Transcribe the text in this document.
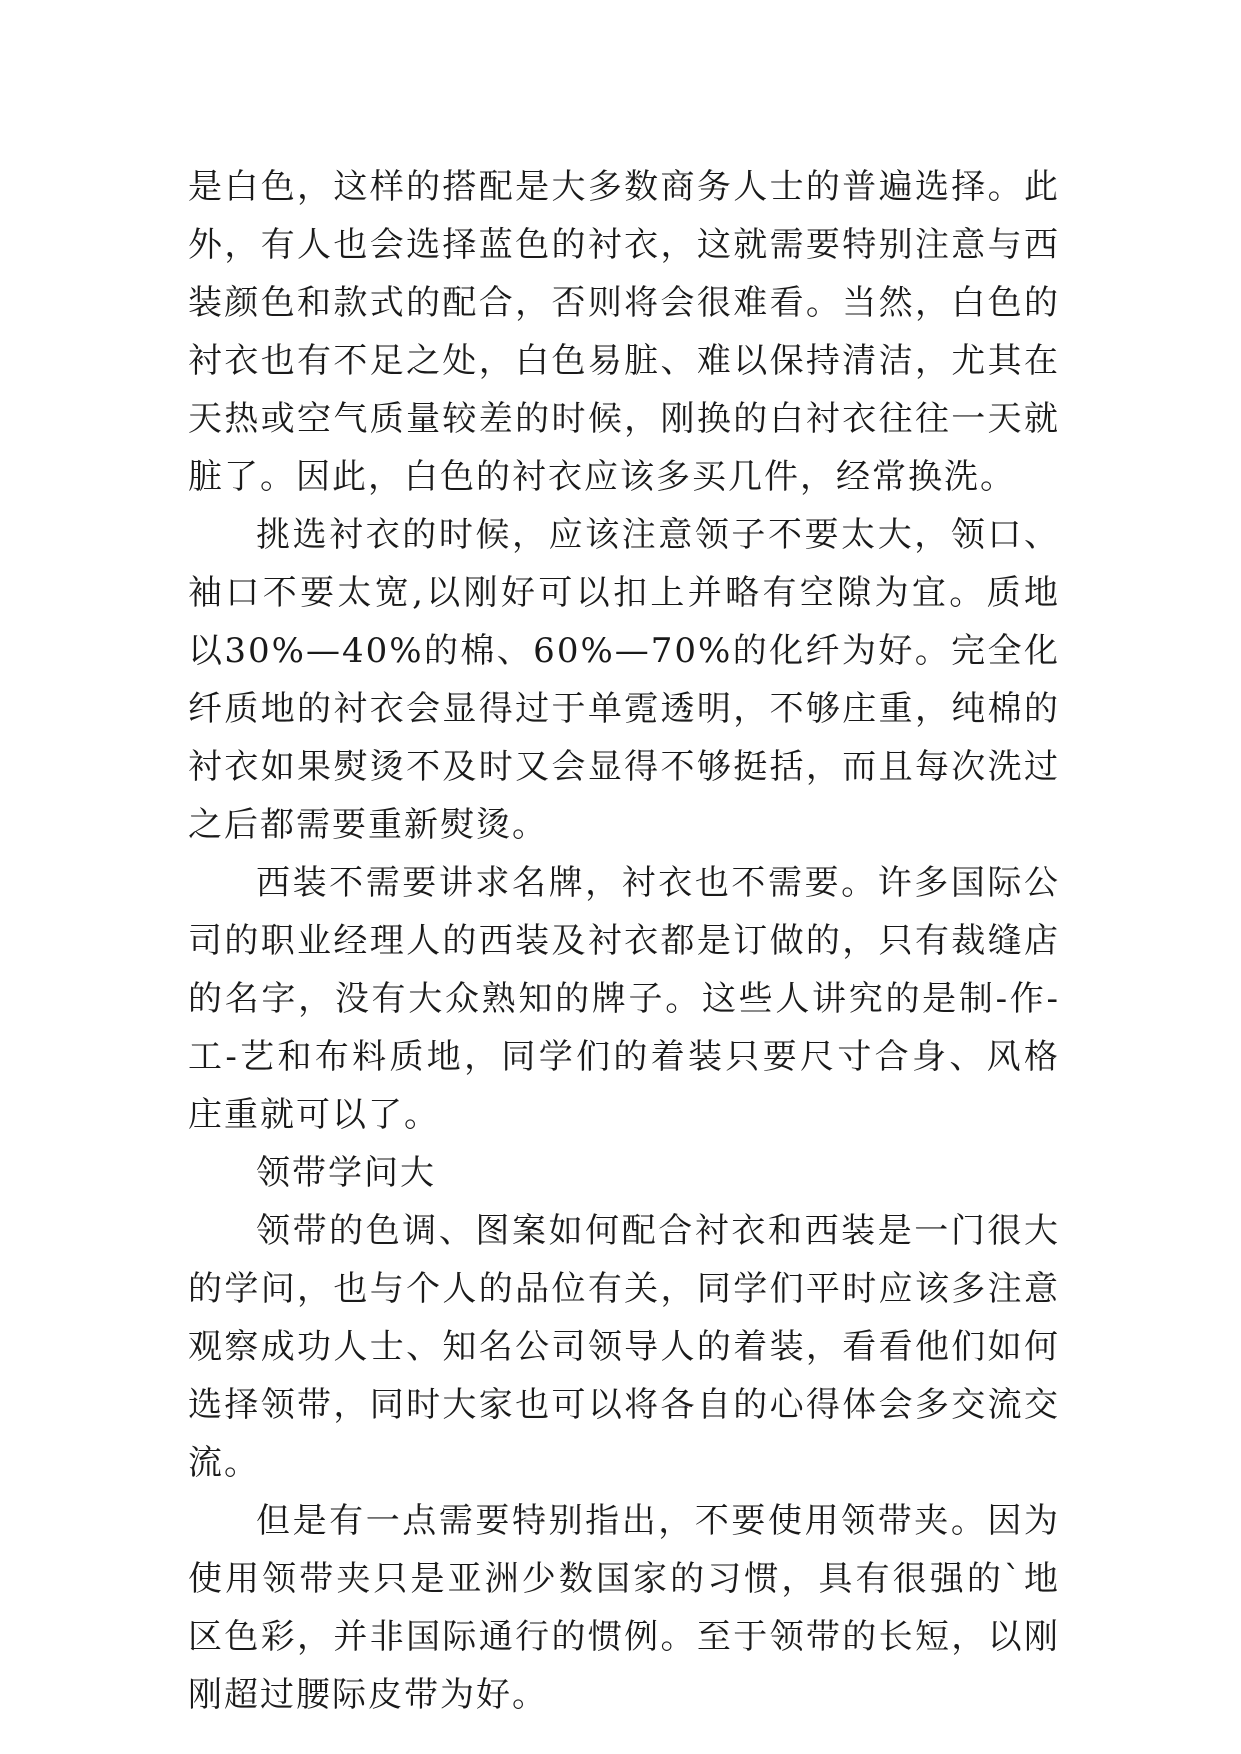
是白色，这样的搭配是大多数商务人士的普遍选择。此外，有人也会选择蓝色的衬衣，这就需要特别注意与西装颜色和款式的配合，否则将会很难看。当然，白色的衬衣也有不足之处，白色易脏、难以保持清洁，尤其在天热或空气质量较差的时候，刚换的白衬衣往往一天就脏了。因此，白色的衬衣应该多买几件，经常换洗。

挑选衬衣的时候，应该注意领子不要太大，领口、袖口不要太宽,以刚好可以扣上并略有空隙为宜。质地以30%—40%的棉、60%—70%的化纤为好。完全化纤质地的衬衣会显得过于单霓透明，不够庄重，纯棉的衬衣如果熨烫不及时又会显得不够挺括，而且每次洗过之后都需要重新熨烫。

西装不需要讲求名牌，衬衣也不需要。许多国际公司的职业经理人的西装及衬衣都是订做的，只有裁缝店的名字，没有大众熟知的牌子。这些人讲究的是制-作-工-艺和布料质地，同学们的着装只要尺寸合身、风格庄重就可以了。

领带学问大

领带的色调、图案如何配合衬衣和西装是一门很大的学问，也与个人的品位有关，同学们平时应该多注意观察成功人士、知名公司领导人的着装，看看他们如何选择领带，同时大家也可以将各自的心得体会多交流交流。

但是有一点需要特别指出，不要使用领带夹。因为使用领带夹只是亚洲少数国家的习惯，具有很强的`地区色彩，并非国际通行的惯例。至于领带的长短，以刚刚超过腰际皮带为好。
